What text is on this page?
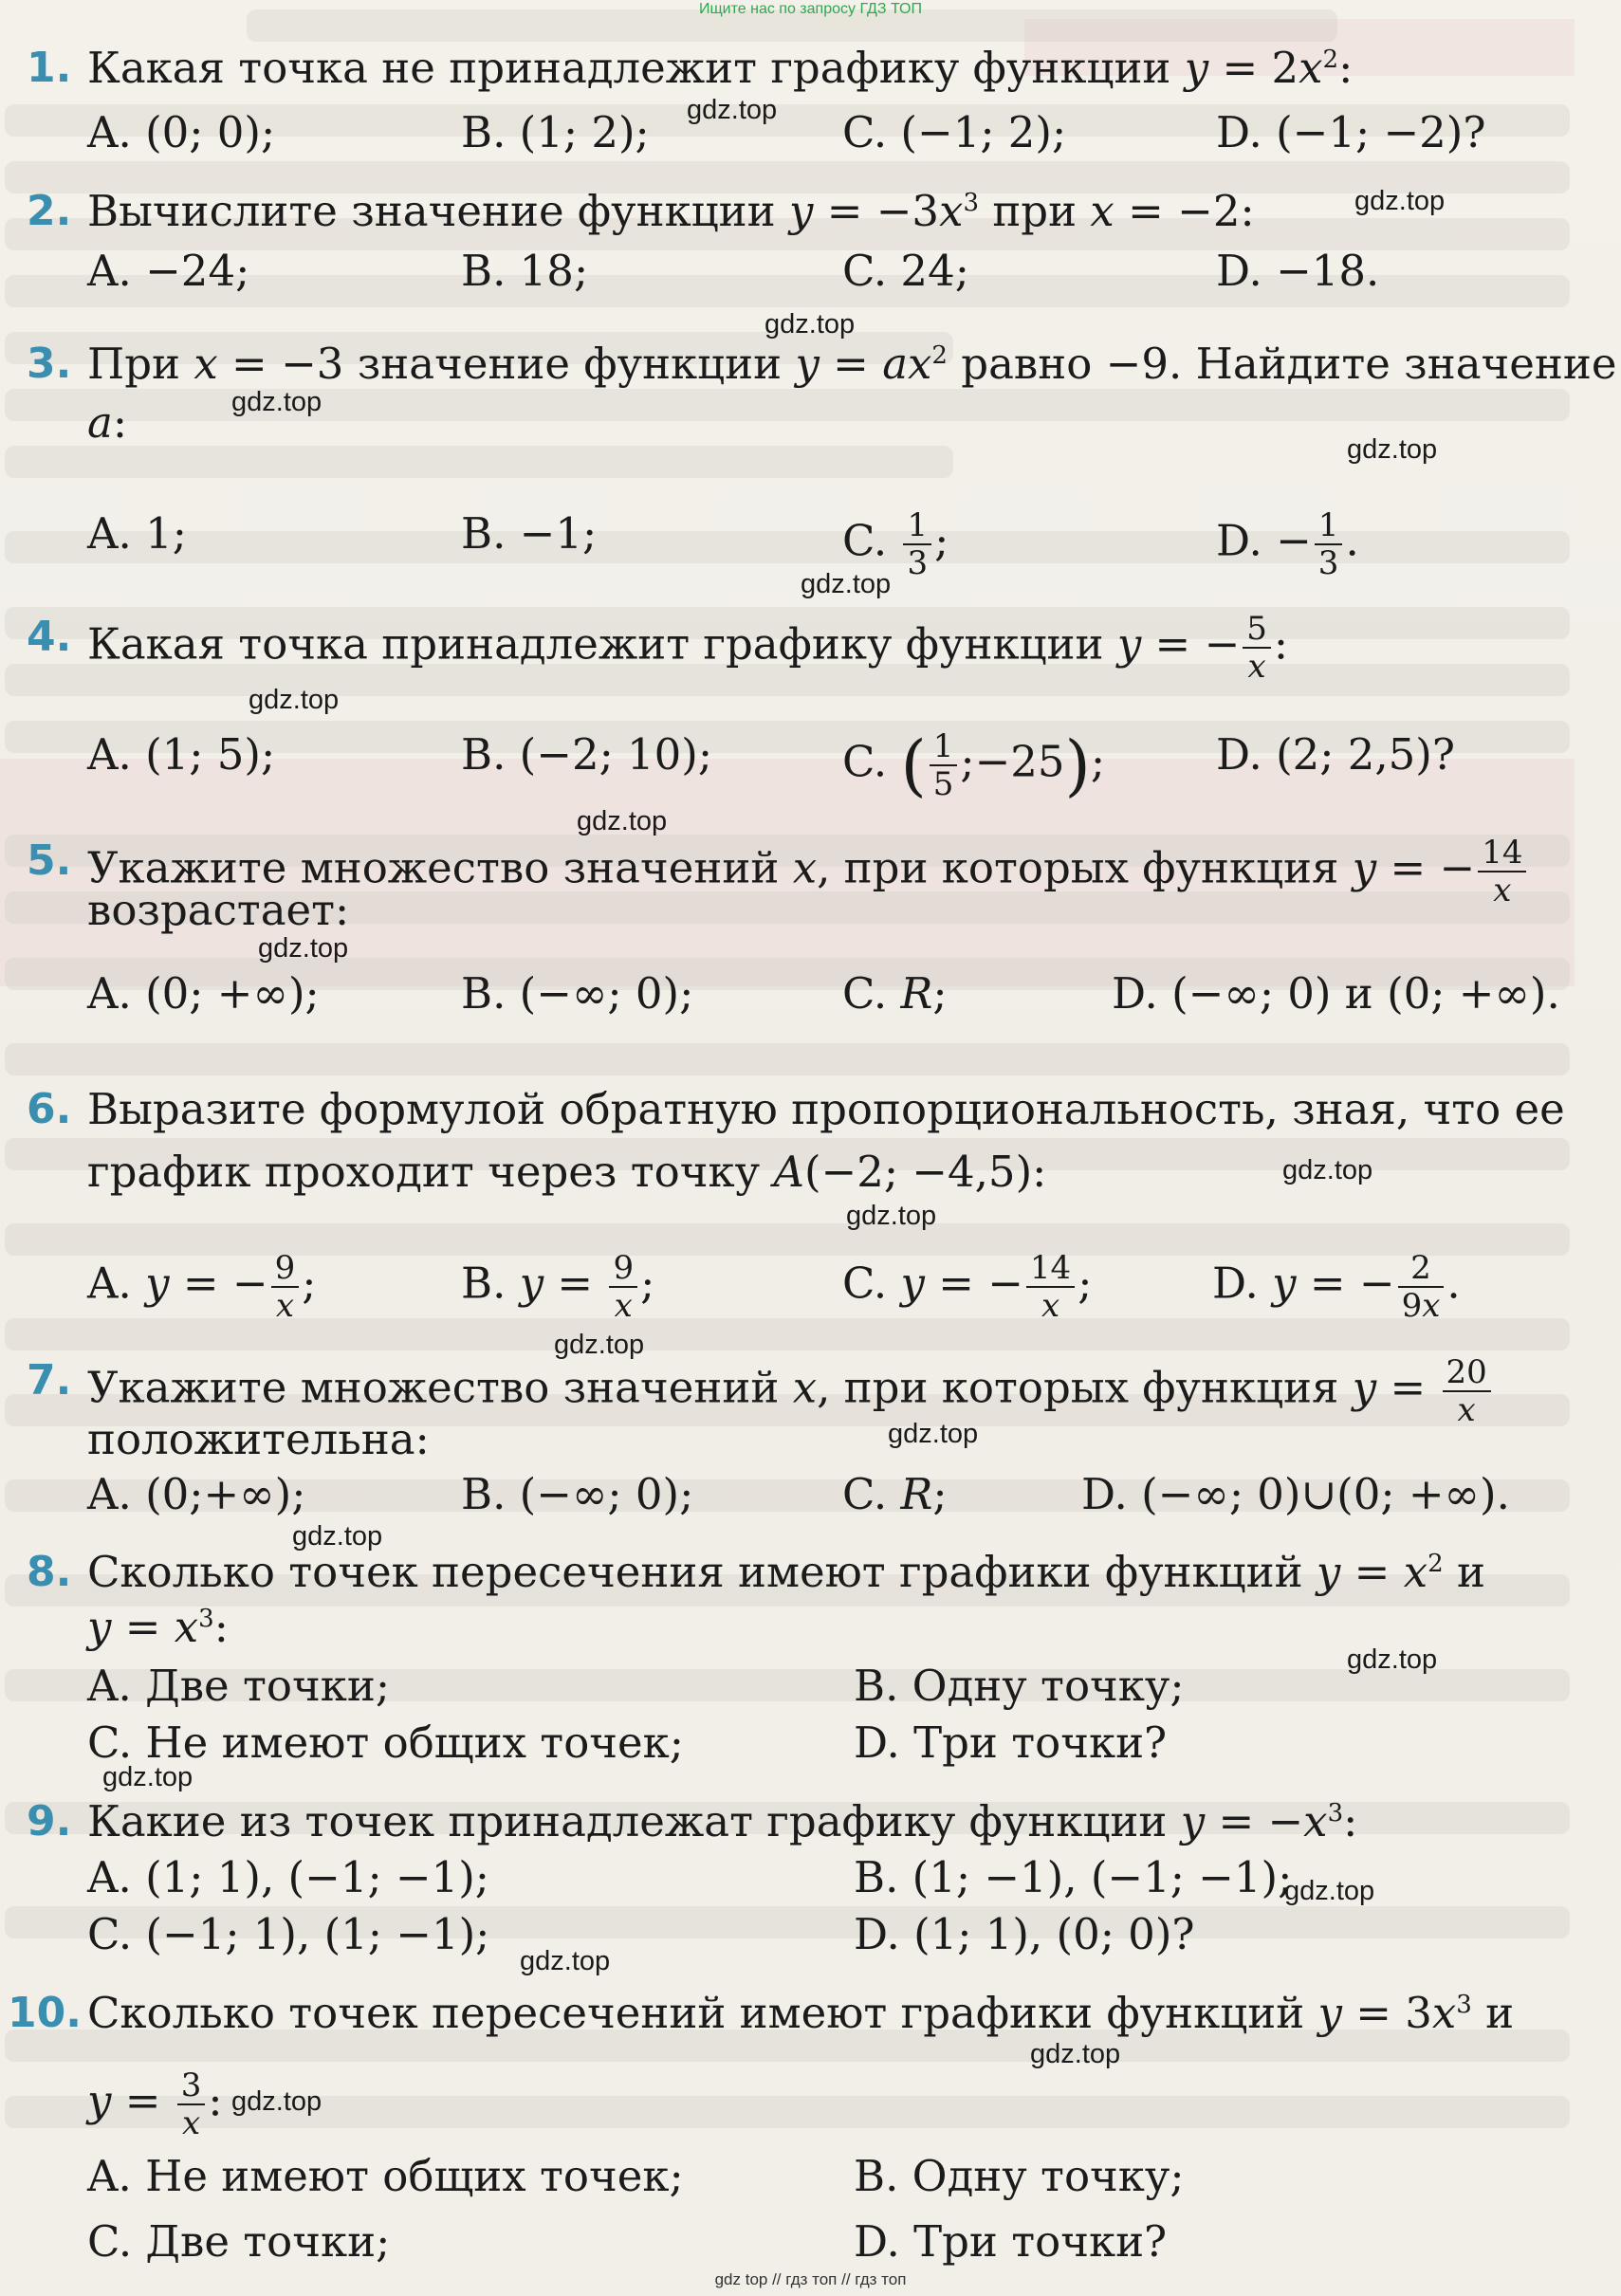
Ищите нас по запросу ГДЗ ТОП
1. Какая точка не принадлежит графику функции $y = 2x^2$:
A. (0; 0);	B. (1; 2);	C. (−1; 2);	D. (−1; −2)?
2. Вычислите значение функции $y = -3x^3$ при x = −2:
A. −24;	B. 18;	C. 24;	D. −18.
3. При x = −3 значение функции $y = ax^2$ равно −9. Найдите значение
a:
A. 1;	B. −1;	C. $\frac{1}{3}$ ;	D. − $\frac{1}{3}$ .
4. Какая точка принадлежит графику функции y = − $\frac{5}{x}$ :
A. (1; 5);	B. (−2; 10);	C. ( $\frac{1}{5}$ ;−25);	D. (2; 2,5)?
5. Укажите множество значений x, при которых функция y = − $\frac{14}{x}$
возрастает:
A. (0; +∞);	B. (−∞; 0);	C. R;	D. (−∞; 0) и (0; +∞).
6. Выразите формулой обратную пропорциональность, зная, что ее
график проходит через точку A(−2; −4,5):
A. y = − $\frac{9}{x}$ ;	B. $y = \frac{9}{x}$ ;	C. y = − $\frac{14}{x}$ ;	D. y = − $\frac{2}{9x}$ .
7. Укажите множество значений x, при которых функция $y = \frac{20}{x}$
положительна:
A. (0;+∞);	B. (−∞; 0);	C. R;	D. (−∞; 0)∪(0; +∞).
8. Сколько точек пересечения имеют графики функций $y = x^2$ и
$y = x^3$:
A. Две точки;	B. Одну точку;
C. Не имеют общих точек;	D. Три точки?
9. Какие из точек принадлежат графику функции $y = -x^3$:
A. (1; 1), (−1; −1);	B. (1; −1), (−1; −1);
C. (−1; 1), (1; −1);	D. (1; 1), (0; 0)?
10. Сколько точек пересечений имеют графики функций $y = 3x^3$ и
$y = \frac{3}{x}$ :
A. Не имеют общих точек;	B. Одну точку;
C. Две точки;	D. Три точки?
gdz.top
gdz.top
gdz.top
gdz.top
gdz.top
gdz.top
gdz.top
gdz.top
gdz.top
gdz.top
gdz.top
gdz.top
gdz.top
gdz.top
gdz.top
gdz.top
gdz.top
gdz.top
gdz.top
gdz.top
gdz top // гдз топ // гдз топ
